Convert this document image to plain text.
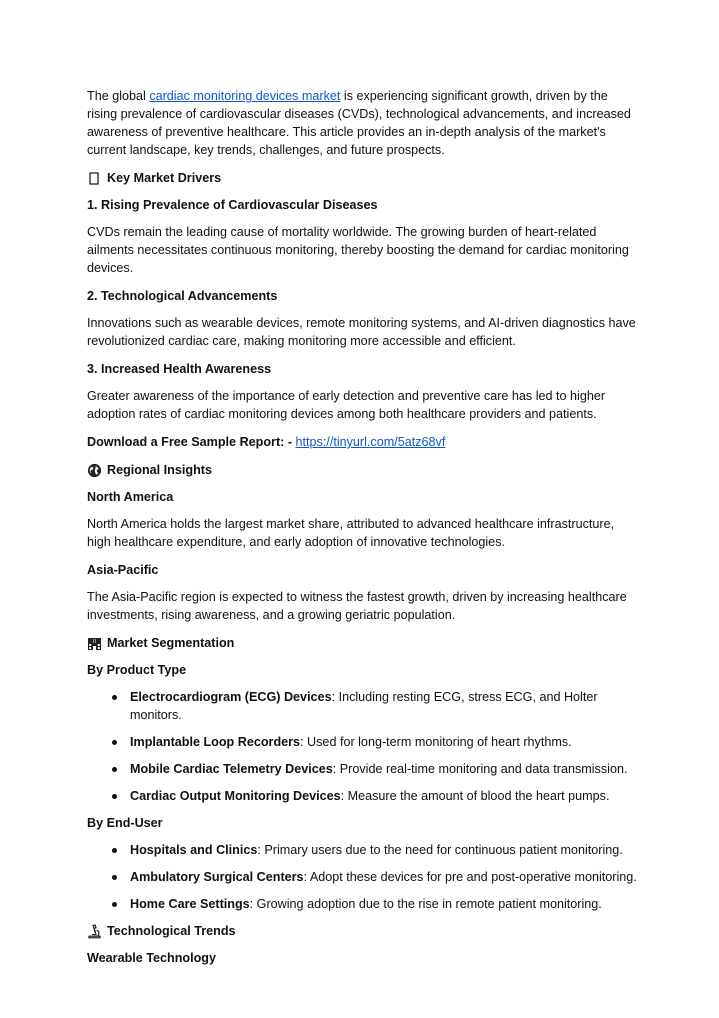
The global cardiac monitoring devices market is experiencing significant growth, driven by the rising prevalence of cardiovascular diseases (CVDs), technological advancements, and increased awareness of preventive healthcare. This article provides an in-depth analysis of the market's current landscape, key trends, challenges, and future prospects.

Key Market Drivers

1. Rising Prevalence of Cardiovascular Diseases

CVDs remain the leading cause of mortality worldwide. The growing burden of heart-related ailments necessitates continuous monitoring, thereby boosting the demand for cardiac monitoring devices.

2. Technological Advancements

Innovations such as wearable devices, remote monitoring systems, and AI-driven diagnostics have revolutionized cardiac care, making monitoring more accessible and efficient.

3. Increased Health Awareness

Greater awareness of the importance of early detection and preventive care has led to higher adoption rates of cardiac monitoring devices among both healthcare providers and patients.

Download a Free Sample Report: - https://tinyurl.com/5atz68vf

Regional Insights

North America

North America holds the largest market share, attributed to advanced healthcare infrastructure, high healthcare expenditure, and early adoption of innovative technologies.

Asia-Pacific

The Asia-Pacific region is expected to witness the fastest growth, driven by increasing healthcare investments, rising awareness, and a growing geriatric population.

Market Segmentation

By Product Type

Electrocardiogram (ECG) Devices: Including resting ECG, stress ECG, and Holter monitors.
Implantable Loop Recorders: Used for long-term monitoring of heart rhythms.
Mobile Cardiac Telemetry Devices: Provide real-time monitoring and data transmission.
Cardiac Output Monitoring Devices: Measure the amount of blood the heart pumps.

By End-User

Hospitals and Clinics: Primary users due to the need for continuous patient monitoring.
Ambulatory Surgical Centers: Adopt these devices for pre and post-operative monitoring.
Home Care Settings: Growing adoption due to the rise in remote patient monitoring.
Technological Trends

Wearable Technology
